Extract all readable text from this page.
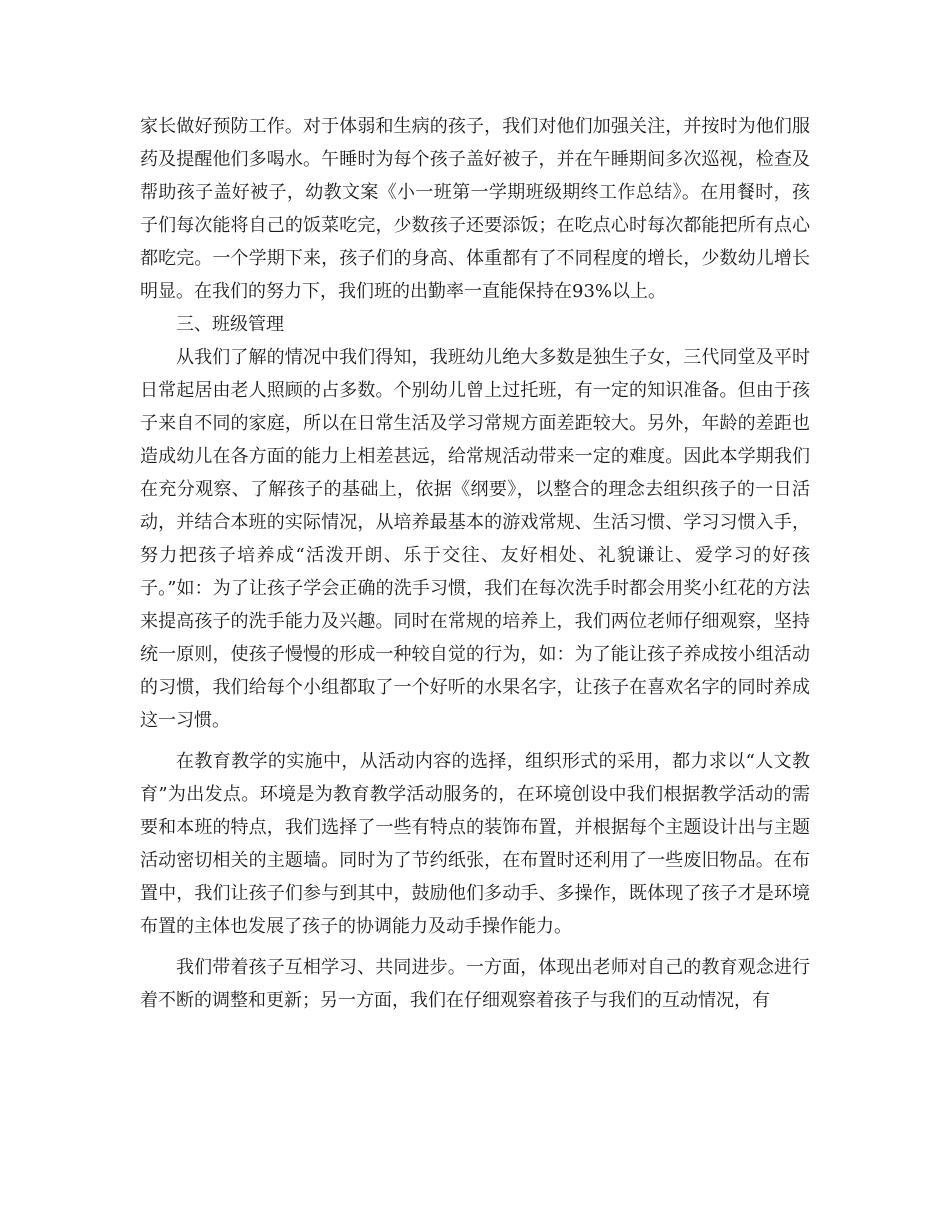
家长做好预防工作。对于体弱和生病的孩子，我们对他们加强关注，并按时为他们服药及提醒他们多喝水。午睡时为每个孩子盖好被子，并在午睡期间多次巡视，检查及帮助孩子盖好被子，幼教文案《小一班第一学期班级期终工作总结》。在用餐时，孩子们每次能将自己的饭菜吃完，少数孩子还要添饭；在吃点心时每次都能把所有点心都吃完。一个学期下来，孩子们的身高、体重都有了不同程度的增长，少数幼儿增长明显。在我们的努力下，我们班的出勤率一直能保持在93%以上。

三、班级管理

从我们了解的情况中我们得知，我班幼儿绝大多数是独生子女，三代同堂及平时日常起居由老人照顾的占多数。个别幼儿曾上过托班，有一定的知识准备。但由于孩子来自不同的家庭，所以在日常生活及学习常规方面差距较大。另外，年龄的差距也造成幼儿在各方面的能力上相差甚远，给常规活动带来一定的难度。因此本学期我们在充分观察、了解孩子的基础上，依据《纲要》，以整合的理念去组织孩子的一日活动，并结合本班的实际情况，从培养最基本的游戏常规、生活习惯、学习习惯入手，努力把孩子培养成“活泼开朗、乐于交往、友好相处、礼貌谦让、爱学习的好孩子。”如：为了让孩子学会正确的洗手习惯，我们在每次洗手时都会用奖小红花的方法来提高孩子的洗手能力及兴趣。同时在常规的培养上，我们两位老师仔细观察，坚持统一原则，使孩子慢慢的形成一种较自觉的行为，如：为了能让孩子养成按小组活动的习惯，我们给每个小组都取了一个好听的水果名字，让孩子在喜欢名字的同时养成这一习惯。

在教育教学的实施中，从活动内容的选择，组织形式的采用，都力求以“人文教育”为出发点。环境是为教育教学活动服务的，在环境创设中我们根据教学活动的需要和本班的特点，我们选择了一些有特点的装饰布置，并根据每个主题设计出与主题活动密切相关的主题墙。同时为了节约纸张，在布置时还利用了一些废旧物品。在布置中，我们让孩子们参与到其中，鼓励他们多动手、多操作，既体现了孩子才是环境布置的主体也发展了孩子的协调能力及动手操作能力。

我们带着孩子互相学习、共同进步。一方面，体现出老师对自己的教育观念进行着不断的调整和更新；另一方面，我们在仔细观察着孩子与我们的互动情况，有
